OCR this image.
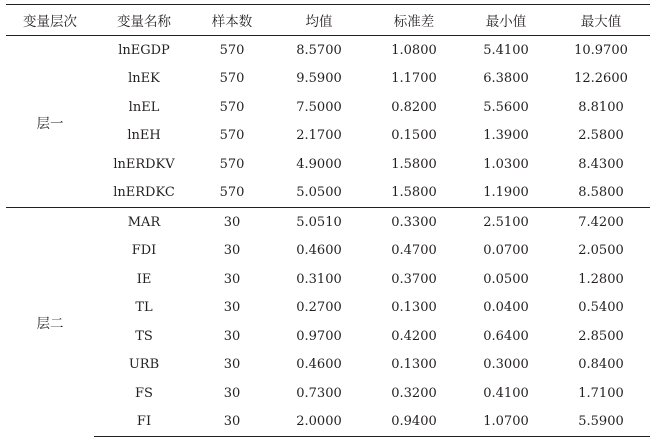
变量层次	变量名称	样本数	均值	标准差	最小值	最大值
层一	lnEGDP	570	8.5700	1.0800	5.4100	10.9700
	lnEK	570	9.5900	1.1700	6.3800	12.2600
	lnEL	570	7.5000	0.8200	5.5600	8.8100
	lnEH	570	2.1700	0.1500	1.3900	2.5800
	lnERDKV	570	4.9000	1.5800	1.0300	8.4300
	lnERDKC	570	5.0500	1.5800	1.1900	8.5800
层二	MAR	30	5.0510	0.3300	2.5100	7.4200
	FDI	30	0.4600	0.4700	0.0700	2.0500
	IE	30	0.3100	0.3700	0.0500	1.2800
	TL	30	0.2700	0.1300	0.0400	0.5400
	TS	30	0.9700	0.4200	0.6400	2.8500
	URB	30	0.4600	0.1300	0.3000	0.8400
	FS	30	0.7300	0.3200	0.4100	1.7100
	FI	30	2.0000	0.9400	1.0700	5.5900
